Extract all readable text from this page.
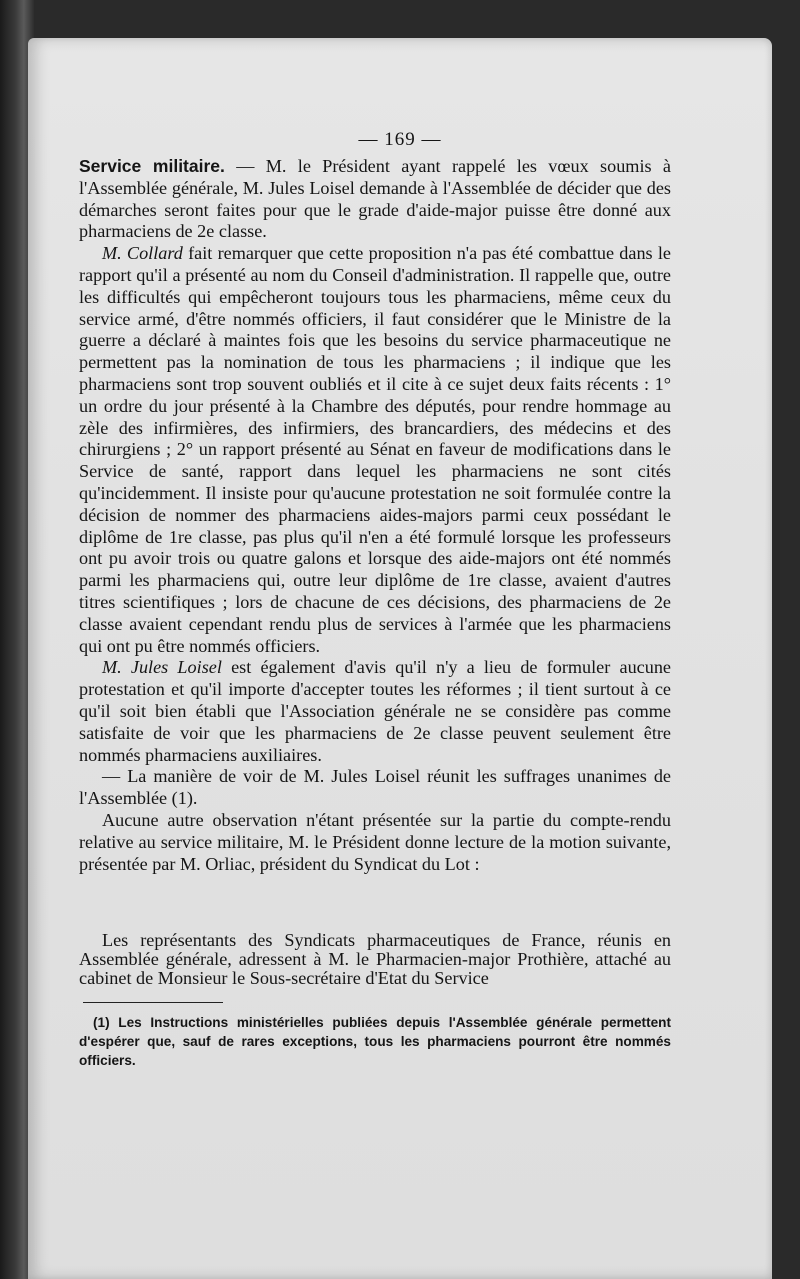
— 169 —

Service militaire. — M. le Président ayant rappelé les vœux soumis à l'Assemblée générale, M. Jules Loisel demande à l'Assemblée de décider que des démarches seront faites pour que le grade d'aide-major puisse être donné aux pharmaciens de 2e classe.

M. Collard fait remarquer que cette proposition n'a pas été combattue dans le rapport qu'il a présenté au nom du Conseil d'administration. Il rappelle que, outre les difficultés qui empêcheront toujours tous les pharmaciens, même ceux du service armé, d'être nommés officiers, il faut considérer que le Ministre de la guerre a déclaré à maintes fois que les besoins du service pharmaceutique ne permettent pas la nomination de tous les pharmaciens ; il indique que les pharmaciens sont trop souvent oubliés et il cite à ce sujet deux faits récents : 1° un ordre du jour présenté à la Chambre des députés, pour rendre hommage au zèle des infirmières, des infirmiers, des brancardiers, des médecins et des chirurgiens ; 2° un rapport présenté au Sénat en faveur de modifications dans le Service de santé, rapport dans lequel les pharmaciens ne sont cités qu'incidemment. Il insiste pour qu'aucune protestation ne soit formulée contre la décision de nommer des pharmaciens aides-majors parmi ceux possédant le diplôme de 1re classe, pas plus qu'il n'en a été formulé lorsque les professeurs ont pu avoir trois ou quatre galons et lorsque des aide-majors ont été nommés parmi les pharmaciens qui, outre leur diplôme de 1re classe, avaient d'autres titres scientifiques ; lors de chacune de ces décisions, des pharmaciens de 2e classe avaient cependant rendu plus de services à l'armée que les pharmaciens qui ont pu être nommés officiers.

M. Jules Loisel est également d'avis qu'il n'y a lieu de formuler aucune protestation et qu'il importe d'accepter toutes les réformes ; il tient surtout à ce qu'il soit bien établi que l'Association générale ne se considère pas comme satisfaite de voir que les pharmaciens de 2e classe peuvent seulement être nommés pharmaciens auxiliaires.

— La manière de voir de M. Jules Loisel réunit les suffrages unanimes de l'Assemblée (1).

Aucune autre observation n'étant présentée sur la partie du compte-rendu relative au service militaire, M. le Président donne lecture de la motion suivante, présentée par M. Orliac, président du Syndicat du Lot :

Les représentants des Syndicats pharmaceutiques de France, réunis en Assemblée générale, adressent à M. le Pharmacien-major Prothière, attaché au cabinet de Monsieur le Sous-secrétaire d'Etat du Service

(1) Les Instructions ministérielles publiées depuis l'Assemblée générale permettent d'espérer que, sauf de rares exceptions, tous les pharmaciens pourront être nommés officiers.
